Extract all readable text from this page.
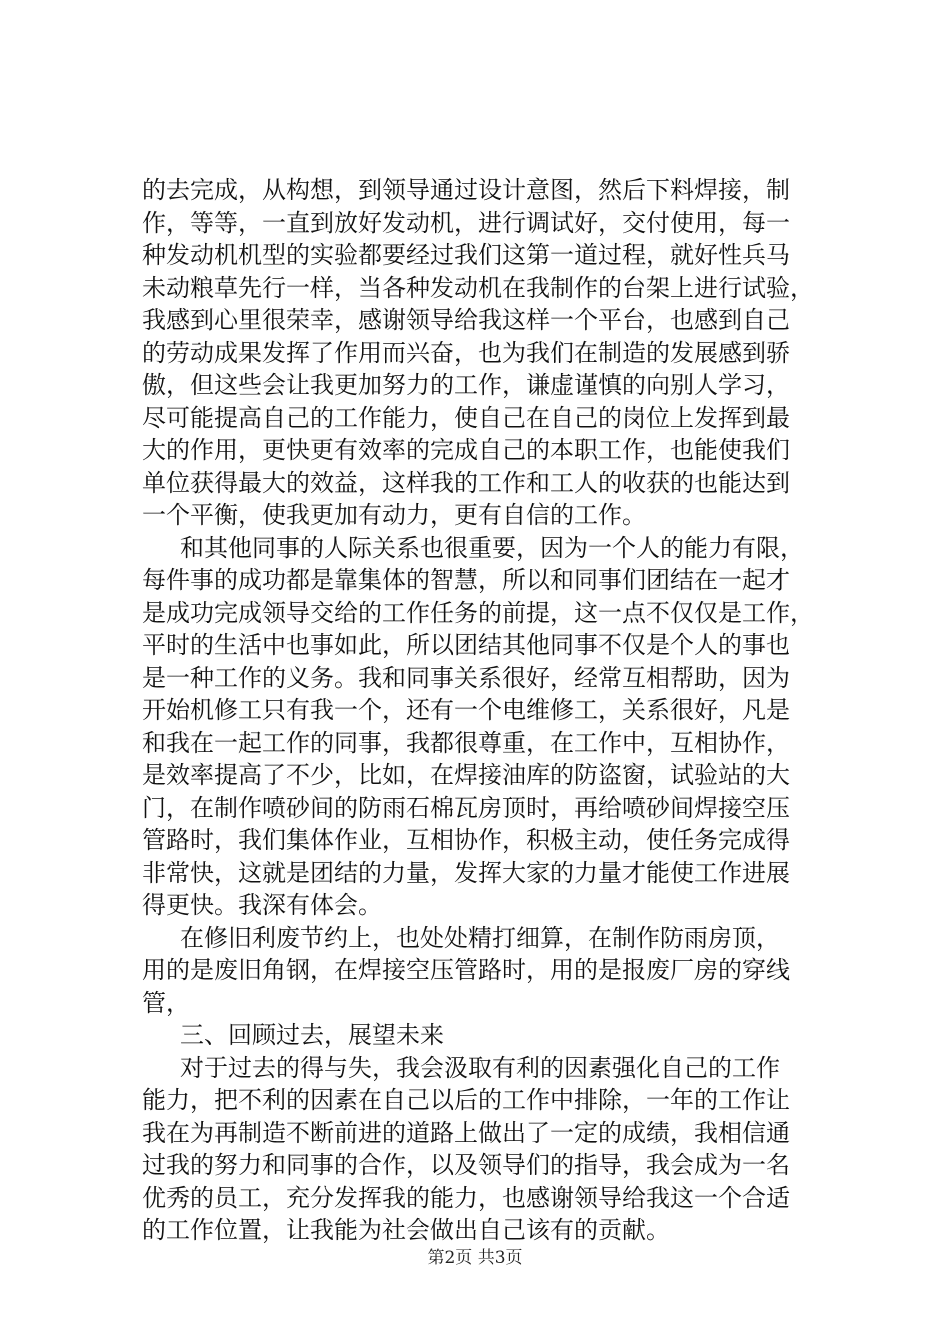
的去完成，从构想，到领导通过设计意图，然后下料焊接，制
作，等等，一直到放好发动机，进行调试好，交付使用，每一
种发动机机型的实验都要经过我们这第一道过程，就好性兵马
未动粮草先行一样，当各种发动机在我制作的台架上进行试验，
我感到心里很荣幸，感谢领导给我这样一个平台，也感到自己
的劳动成果发挥了作用而兴奋，也为我们在制造的发展感到骄
傲，但这些会让我更加努力的工作，谦虚谨慎的向别人学习，
尽可能提高自己的工作能力，使自己在自己的岗位上发挥到最
大的作用，更快更有效率的完成自己的本职工作，也能使我们
单位获得最大的效益，这样我的工作和工人的收获的也能达到
一个平衡，使我更加有动力，更有自信的工作。
和其他同事的人际关系也很重要，因为一个人的能力有限，
每件事的成功都是靠集体的智慧，所以和同事们团结在一起才
是成功完成领导交给的工作任务的前提，这一点不仅仅是工作，
平时的生活中也事如此，所以团结其他同事不仅是个人的事也
是一种工作的义务。我和同事关系很好，经常互相帮助，因为
开始机修工只有我一个，还有一个电维修工，关系很好，凡是
和我在一起工作的同事，我都很尊重，在工作中，互相协作，
是效率提高了不少，比如，在焊接油库的防盗窗，试验站的大
门，在制作喷砂间的防雨石棉瓦房顶时，再给喷砂间焊接空压
管路时，我们集体作业，互相协作，积极主动，使任务完成得
非常快，这就是团结的力量，发挥大家的力量才能使工作进展
得更快。我深有体会。
在修旧利废节约上，也处处精打细算，在制作防雨房顶，
用的是废旧角钢，在焊接空压管路时，用的是报废厂房的穿线
管，
三、回顾过去，展望未来
对于过去的得与失，我会汲取有利的因素强化自己的工作
能力，把不利的因素在自己以后的工作中排除，一年的工作让
我在为再制造不断前进的道路上做出了一定的成绩，我相信通
过我的努力和同事的合作，以及领导们的指导，我会成为一名
优秀的员工，充分发挥我的能力，也感谢领导给我这一个合适
的工作位置，让我能为社会做出自己该有的贡献。
第2页 共3页
